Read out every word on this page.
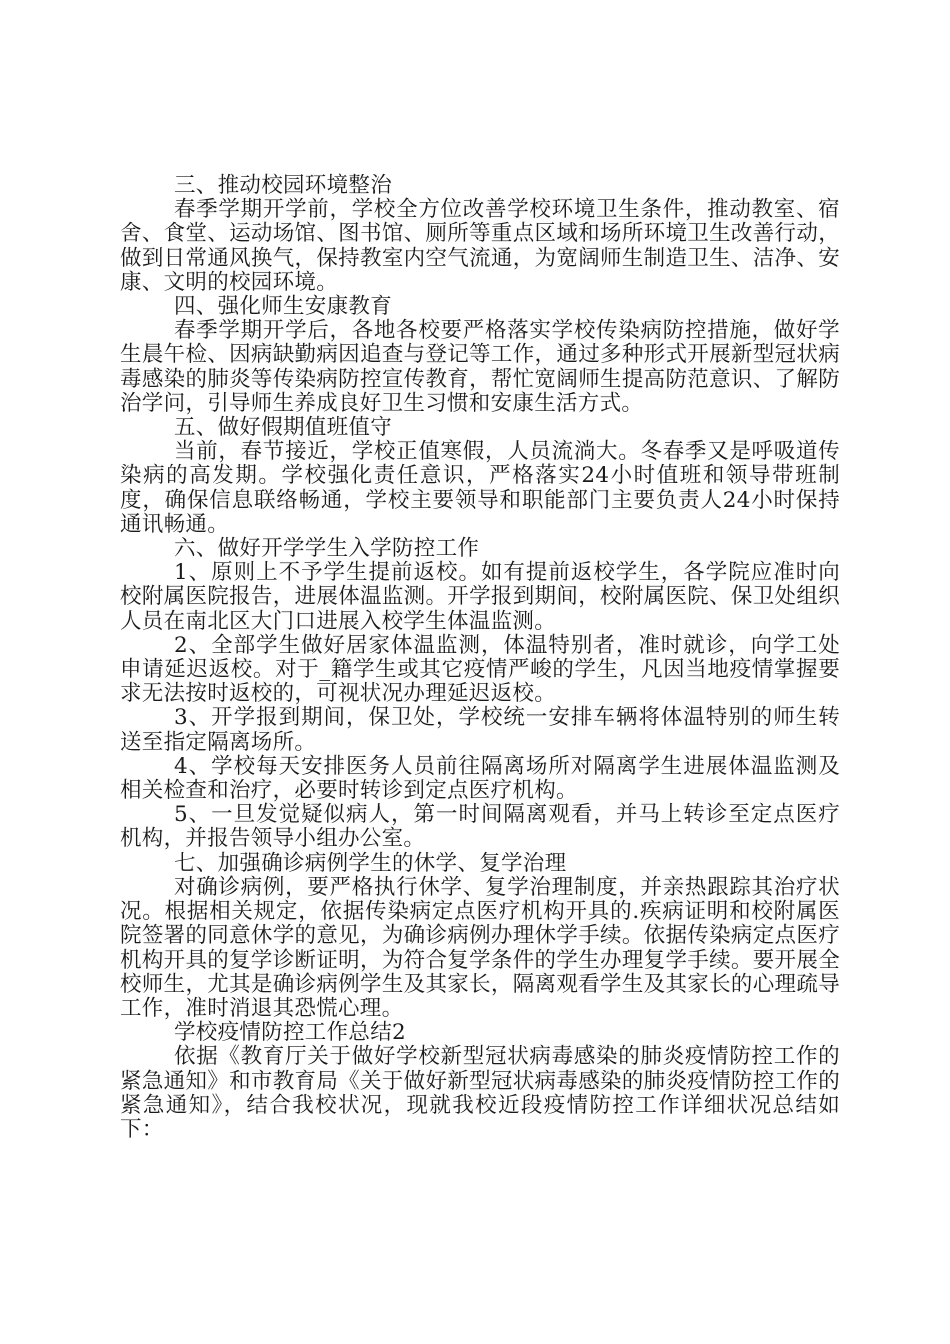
三、推动校园环境整治

春季学期开学前，学校全方位改善学校环境卫生条件，推动教室、宿舍、食堂、运动场馆、图书馆、厕所等重点区域和场所环境卫生改善行动，做到日常通风换气，保持教室内空气流通，为宽阔师生制造卫生、洁净、安康、文明的校园环境。

四、强化师生安康教育

春季学期开学后，各地各校要严格落实学校传染病防控措施，做好学生晨午检、因病缺勤病因追查与登记等工作，通过多种形式开展新型冠状病毒感染的肺炎等传染病防控宣传教育，帮忙宽阔师生提高防范意识、了解防治学问，引导师生养成良好卫生习惯和安康生活方式。

五、做好假期值班值守

当前，春节接近，学校正值寒假，人员流淌大。冬春季又是呼吸道传染病的高发期。学校强化责任意识，严格落实24小时值班和领导带班制度，确保信息联络畅通，学校主要领导和职能部门主要负责人24小时保持通讯畅通。

六、做好开学学生入学防控工作

1、原则上不予学生提前返校。如有提前返校学生，各学院应准时向校附属医院报告，进展体温监测。开学报到期间，校附属医院、保卫处组织人员在南北区大门口进展入校学生体温监测。

2、全部学生做好居家体温监测，体温特别者，准时就诊，向学工处申请延迟返校。对于_籍学生或其它疫情严峻的学生，凡因当地疫情掌握要求无法按时返校的，可视状况办理延迟返校。

3、开学报到期间，保卫处，学校统一安排车辆将体温特别的师生转送至指定隔离场所。

4、学校每天安排医务人员前往隔离场所对隔离学生进展体温监测及相关检查和治疗，必要时转诊到定点医疗机构。

5、一旦发觉疑似病人，第一时间隔离观看，并马上转诊至定点医疗机构，并报告领导小组办公室。

七、加强确诊病例学生的休学、复学治理

对确诊病例，要严格执行休学、复学治理制度，并亲热跟踪其治疗状况。根据相关规定，依据传染病定点医疗机构开具的.疾病证明和校附属医院签署的同意休学的意见，为确诊病例办理休学手续。依据传染病定点医疗机构开具的复学诊断证明，为符合复学条件的学生办理复学手续。要开展全校师生，尤其是确诊病例学生及其家长，隔离观看学生及其家长的心理疏导工作，准时消退其恐慌心理。

学校疫情防控工作总结2

依据《教育厅关于做好学校新型冠状病毒感染的肺炎疫情防控工作的紧急通知》和市教育局《关于做好新型冠状病毒感染的肺炎疫情防控工作的紧急通知》，结合我校状况，现就我校近段疫情防控工作详细状况总结如下：
